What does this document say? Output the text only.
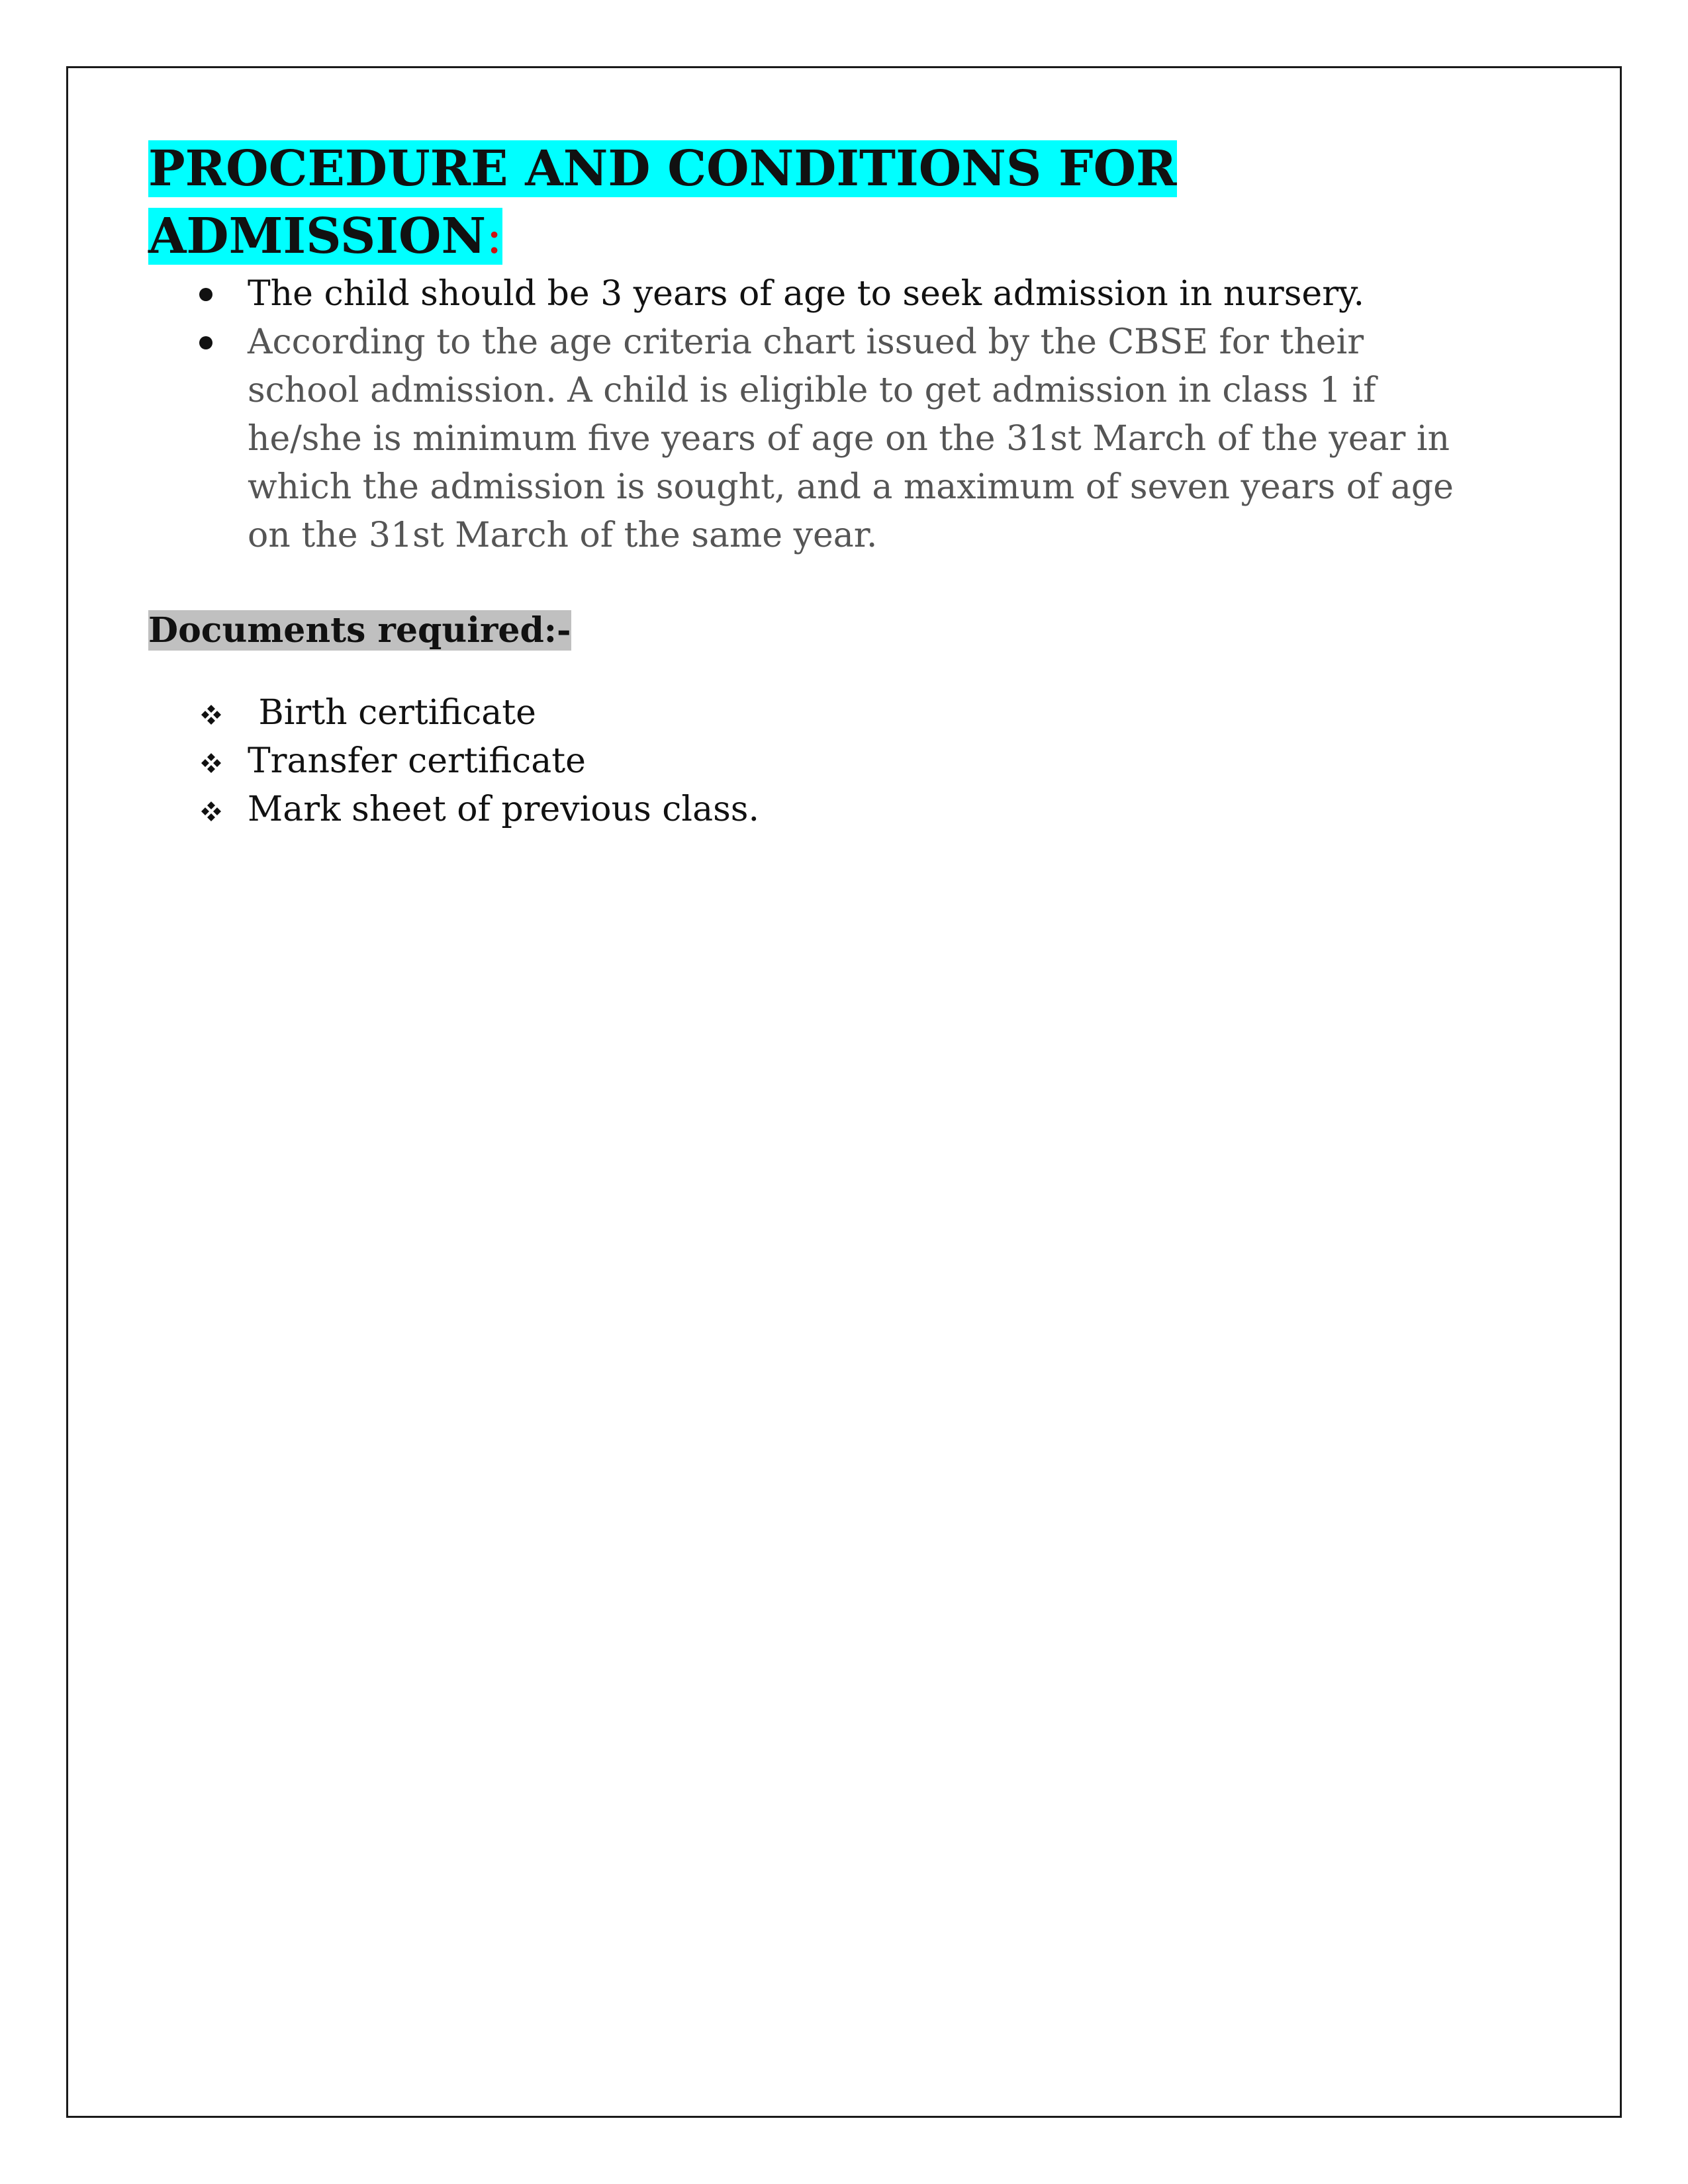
PROCEDURE AND CONDITIONS FOR
ADMISSION:
The child should be 3 years of age to seek admission in nursery.
According to the age criteria chart issued by the CBSE for their school admission. A child is eligible to get admission in class 1 if he/she is minimum five years of age on the 31st March of the year in which the admission is sought, and a maximum of seven years of age on the 31st March of the same year.
Documents required:-
Birth certificate
Transfer certificate
Mark sheet of previous class.
